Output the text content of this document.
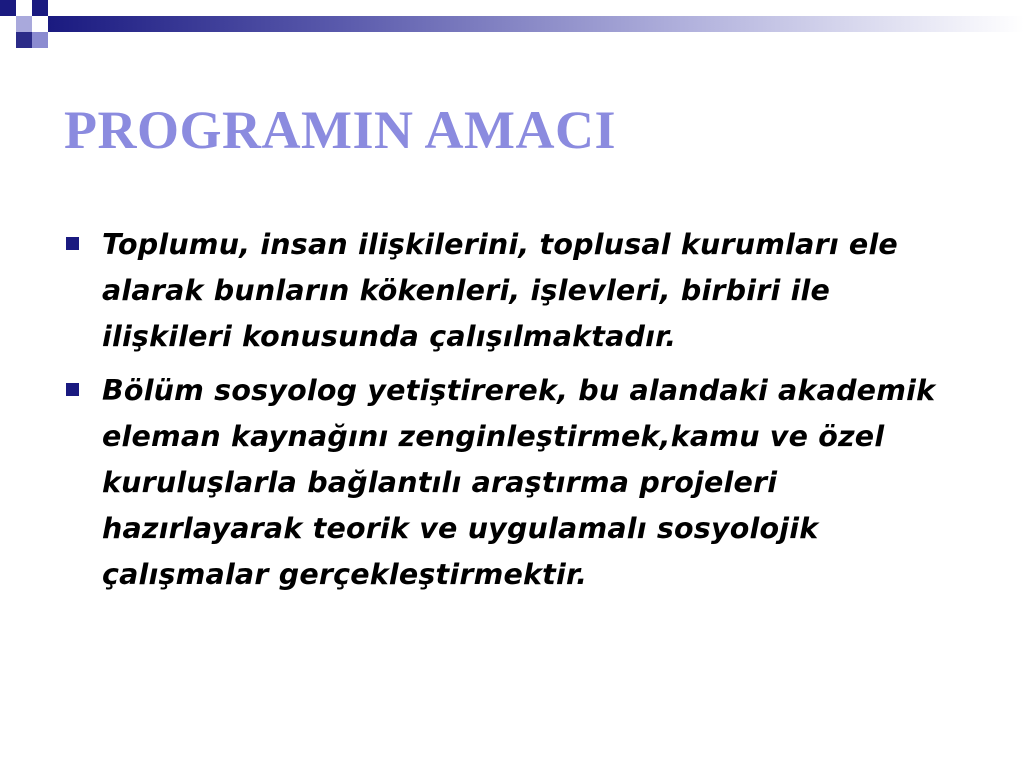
PROGRAMIN AMACI
Toplumu, insan ilişkilerini, toplusal kurumları ele alarak bunların kökenleri, işlevleri, birbiri ile ilişkileri konusunda çalışılmaktadır.
Bölüm sosyolog yetiştirerek, bu alandaki akademik eleman kaynağını zenginleştirmek,kamu ve özel kuruluşlarla bağlantılı araştırma projeleri hazırlayarak teorik ve uygulamalı sosyolojik çalışmalar gerçekleştirmektir.
